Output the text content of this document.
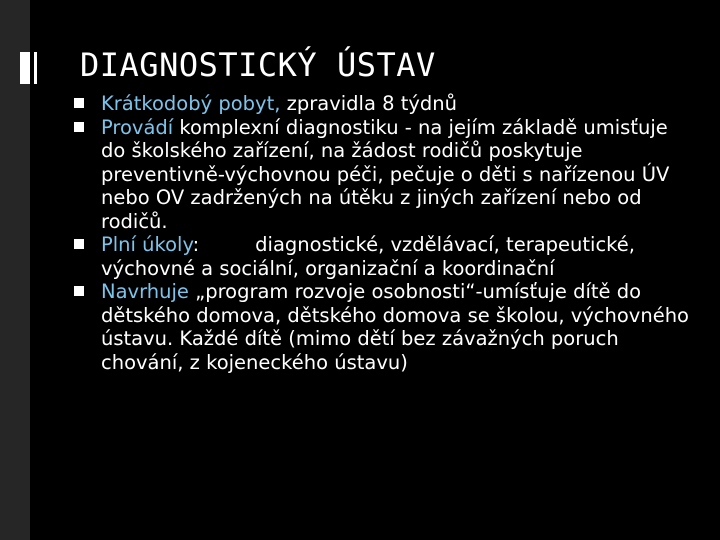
DIAGNOSTICKÝ ÚSTAV
Krátkodobý pobyt, zpravidla 8 týdnů
Provádí komplexní diagnostiku - na jejím základě umisťuje do školského zařízení, na žádost rodičů poskytuje preventivně-výchovnou péči, pečuje o děti s nařízenou ÚV nebo OV zadržených na útěku z jiných zařízení nebo od rodičů.
Plní úkoly:	diagnostické, vzdělávací, terapeutické, výchovné a sociální, organizační a koordinační
Navrhuje „program rozvoje osobnosti“-umísťuje dítě do dětského domova, dětského domova se školou, výchovného ústavu. Každé dítě (mimo dětí bez závažných poruch chování, z kojeneckého ústavu)
